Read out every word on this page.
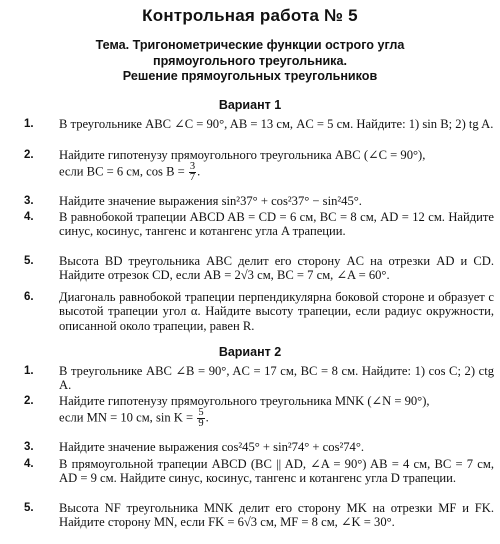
Контрольная работа № 5
Тема. Тригонометрические функции острого угла
прямоугольного треугольника.
Решение прямоугольных треугольников
Вариант 1
1. В треугольнике ABC ∠C = 90°, AB = 13 см, AC = 5 см. Найдите: 1) sin B; 2) tg A.
2. Найдите гипотенузу прямоугольного треугольника ABC (∠C = 90°),
если BC = 6 см, $\cos B = \frac{3}{7}$ .
3. Найдите значение выражения sin²37° + cos²37° − sin²45°.
4. В равнобокой трапеции ABCD AB = CD = 6 см, BC = 8 см, AD = 12 см. Найдите синус, косинус, тангенс и котангенс угла A трапеции.
5. Высота BD треугольника ABC делит его сторону AC на отрезки AD и CD. Найдите отрезок CD, если AB = 2√3 см, BC = 7 см, ∠A = 60°.
6. Диагональ равнобокой трапеции перпендикулярна боковой стороне и образует с высотой трапеции угол α. Найдите высоту трапеции, если радиус окружности, описанной около трапеции, равен R.
Вариант 2
1. В треугольнике ABC ∠B = 90°, AC = 17 см, BC = 8 см. Найдите: 1) cos C; 2) ctg A.
2. Найдите гипотенузу прямоугольного треугольника MNK (∠N = 90°),
если MN = 10 см, $\sin K = \frac{5}{9}$ .
3. Найдите значение выражения cos²45° + sin²74° + cos²74°.
4. В прямоугольной трапеции ABCD (BC || AD, ∠A = 90°) AB = 4 см, BC = 7 см, AD = 9 см. Найдите синус, косинус, тангенс и котангенс угла D трапеции.
5. Высота NF треугольника MNK делит его сторону MK на отрезки MF и FK. Найдите сторону MN, если FK = 6√3 см, MF = 8 см, ∠K = 30°.
